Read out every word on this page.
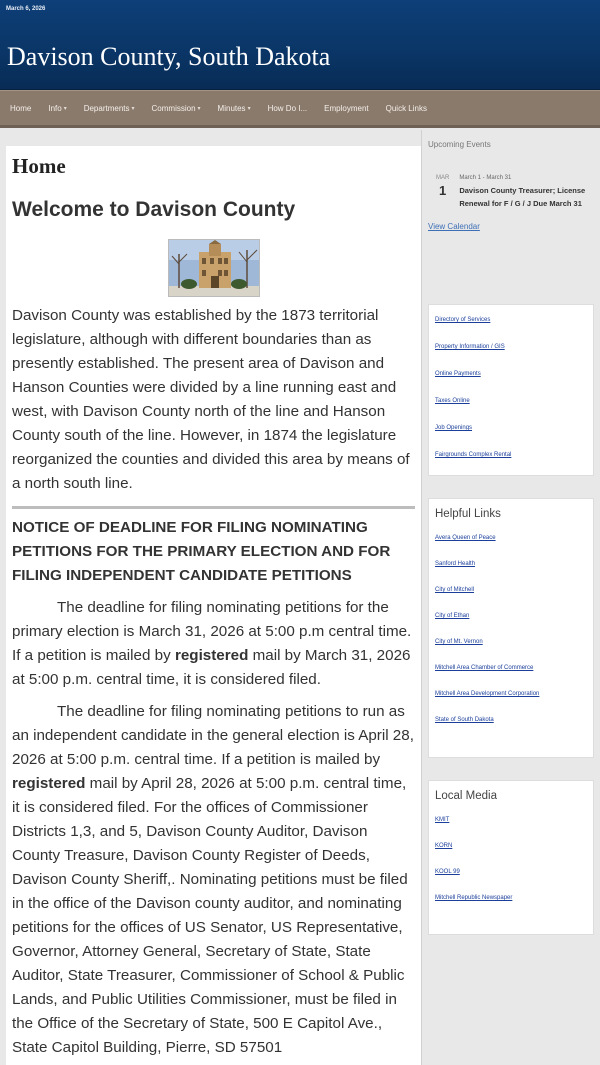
March 6, 2026
Davison County, South Dakota
Home Info ▾ Departments ▾ Commission ▾ Minutes ▾ How Do I... Employment Quick Links
Home
Welcome to Davison County

Davison County was established by the 1873 territorial legislature, although with different boundaries than as presently established. The present area of Davison and Hanson Counties were divided by a line running east and west, with Davison County north of the line and Hanson County south of the line. However, in 1874 the legislature reorganized the counties and divided this area by means of a north south line.

NOTICE OF DEADLINE FOR FILING NOMINATING PETITIONS FOR THE PRIMARY ELECTION AND FOR FILING INDEPENDENT CANDIDATE PETITIONS

The deadline for filing nominating petitions for the primary election is March 31, 2026 at 5:00 p.m central time. If a petition is mailed by registered mail by March 31, 2026 at 5:00 p.m. central time, it is considered filed.

The deadline for filing nominating petitions to run as an independent candidate in the general election is April 28, 2026 at 5:00 p.m. central time. If a petition is mailed by registered mail by April 28, 2026 at 5:00 p.m. central time, it is considered filed. For the offices of Commissioner Districts 1,3, and 5, Davison County Auditor, Davison County Treasure, Davison County Register of Deeds, Davison County Sheriff,. Nominating petitions must be filed in the office of the Davison county auditor, and nominating petitions for the offices of US Senator, US Representative, Governor, Attorney General, Secretary of State, State Auditor, State Treasurer, Commissioner of School & Public Lands, and Public Utilities Commissioner, must be filed in the Office of the Secretary of State, 500 E Capitol Ave., State Capitol Building, Pierre, SD 57501

Upcoming Events
MAR
1
March 1 - March 31
Davison County Treasurer; License Renewal for F / G / J Due March 31
View Calendar
Directory of Services
Property Information / GIS
Online Payments
Taxes Online
Job Openings
Fairgrounds Complex Rental
Helpful Links
Avera Queen of Peace
Sanford Health
City of Mitchell
City of Ethan
City of Mt. Vernon
Mitchell Area Chamber of Commerce
Mitchell Area Development Corporation
State of South Dakota
Local Media
KMIT
KORN
KOOL 99
Mitchell Republic Newspaper
